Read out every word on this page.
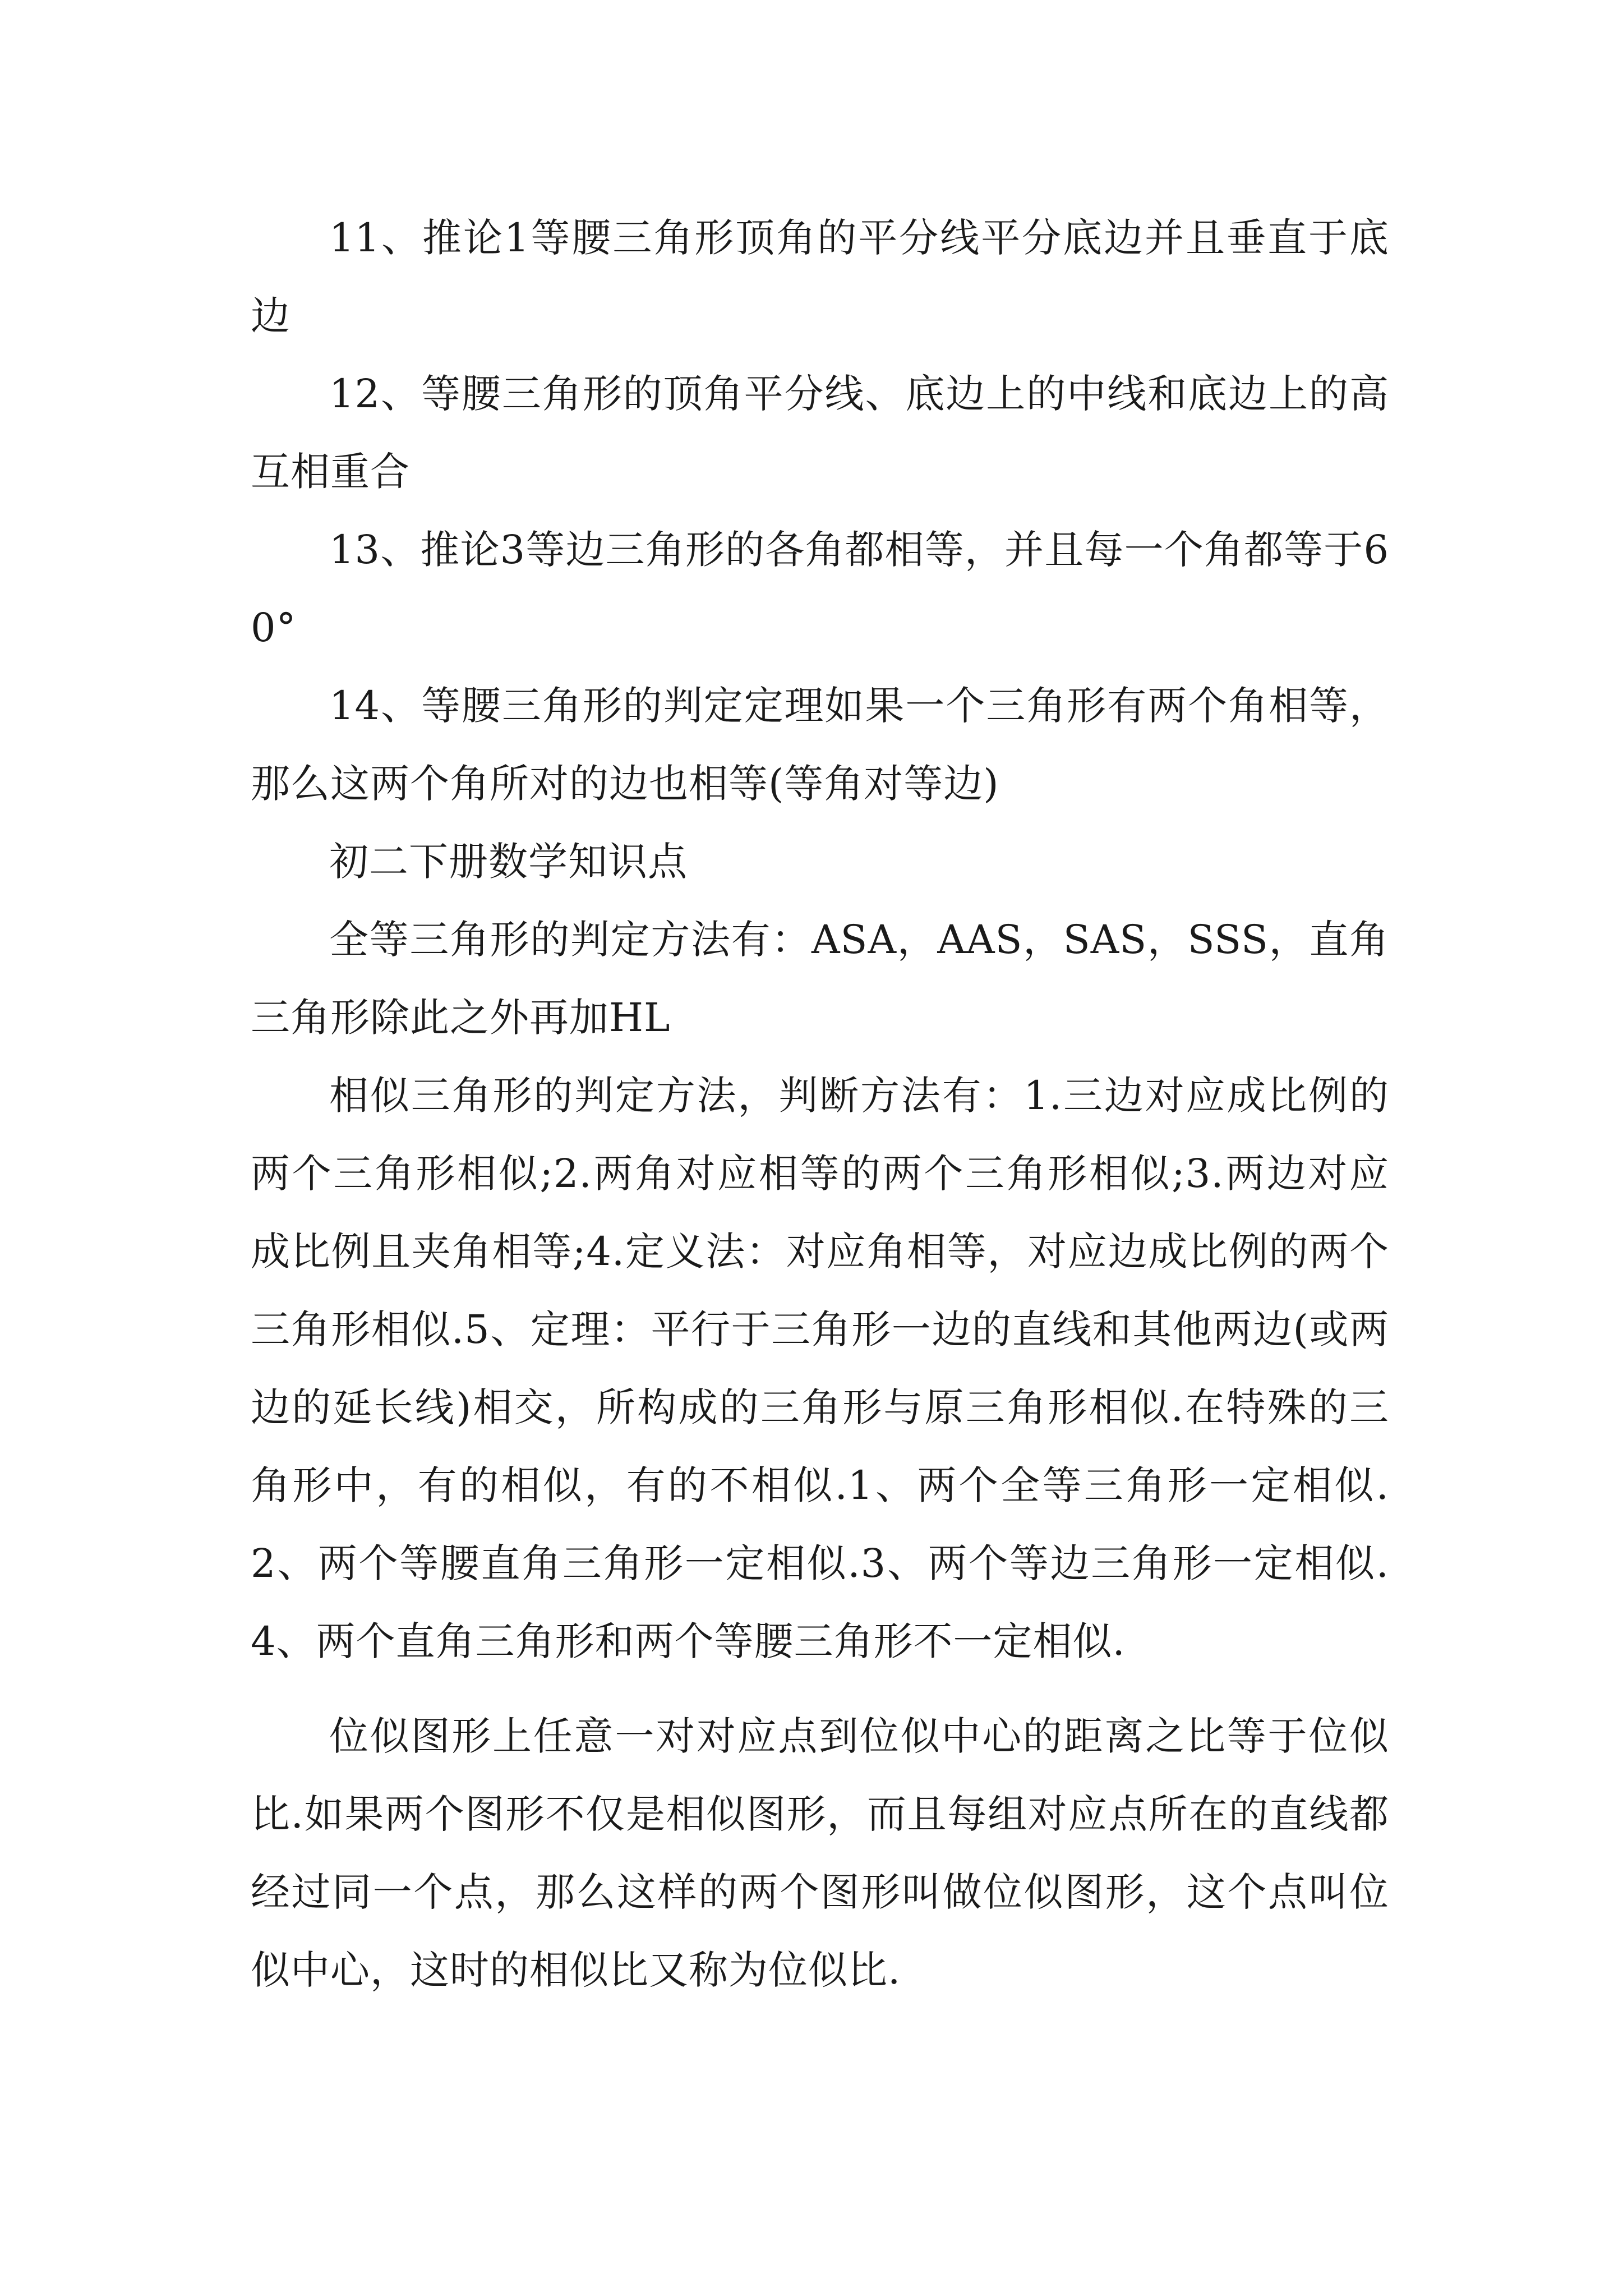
11、推论1等腰三角形顶角的平分线平分底边并且垂直于底边

12、等腰三角形的顶角平分线、底边上的中线和底边上的高互相重合

13、推论3等边三角形的各角都相等，并且每一个角都等于60°

14、等腰三角形的判定定理如果一个三角形有两个角相等，那么这两个角所对的边也相等(等角对等边)

初二下册数学知识点

全等三角形的判定方法有：ASA，AAS，SAS，SSS，直角三角形除此之外再加HL

相似三角形的判定方法，判断方法有：1.三边对应成比例的两个三角形相似;2.两角对应相等的两个三角形相似;3.两边对应成比例且夹角相等;4.定义法：对应角相等，对应边成比例的两个三角形相似.5、定理：平行于三角形一边的直线和其他两边(或两边的延长线)相交，所构成的三角形与原三角形相似.在特殊的三角形中，有的相似，有的不相似.1、两个全等三角形一定相似.2、两个等腰直角三角形一定相似.3、两个等边三角形一定相似.4、两个直角三角形和两个等腰三角形不一定相似.

位似图形上任意一对对应点到位似中心的距离之比等于位似比.如果两个图形不仅是相似图形，而且每组对应点所在的直线都经过同一个点，那么这样的两个图形叫做位似图形，这个点叫位似中心，这时的相似比又称为位似比.
